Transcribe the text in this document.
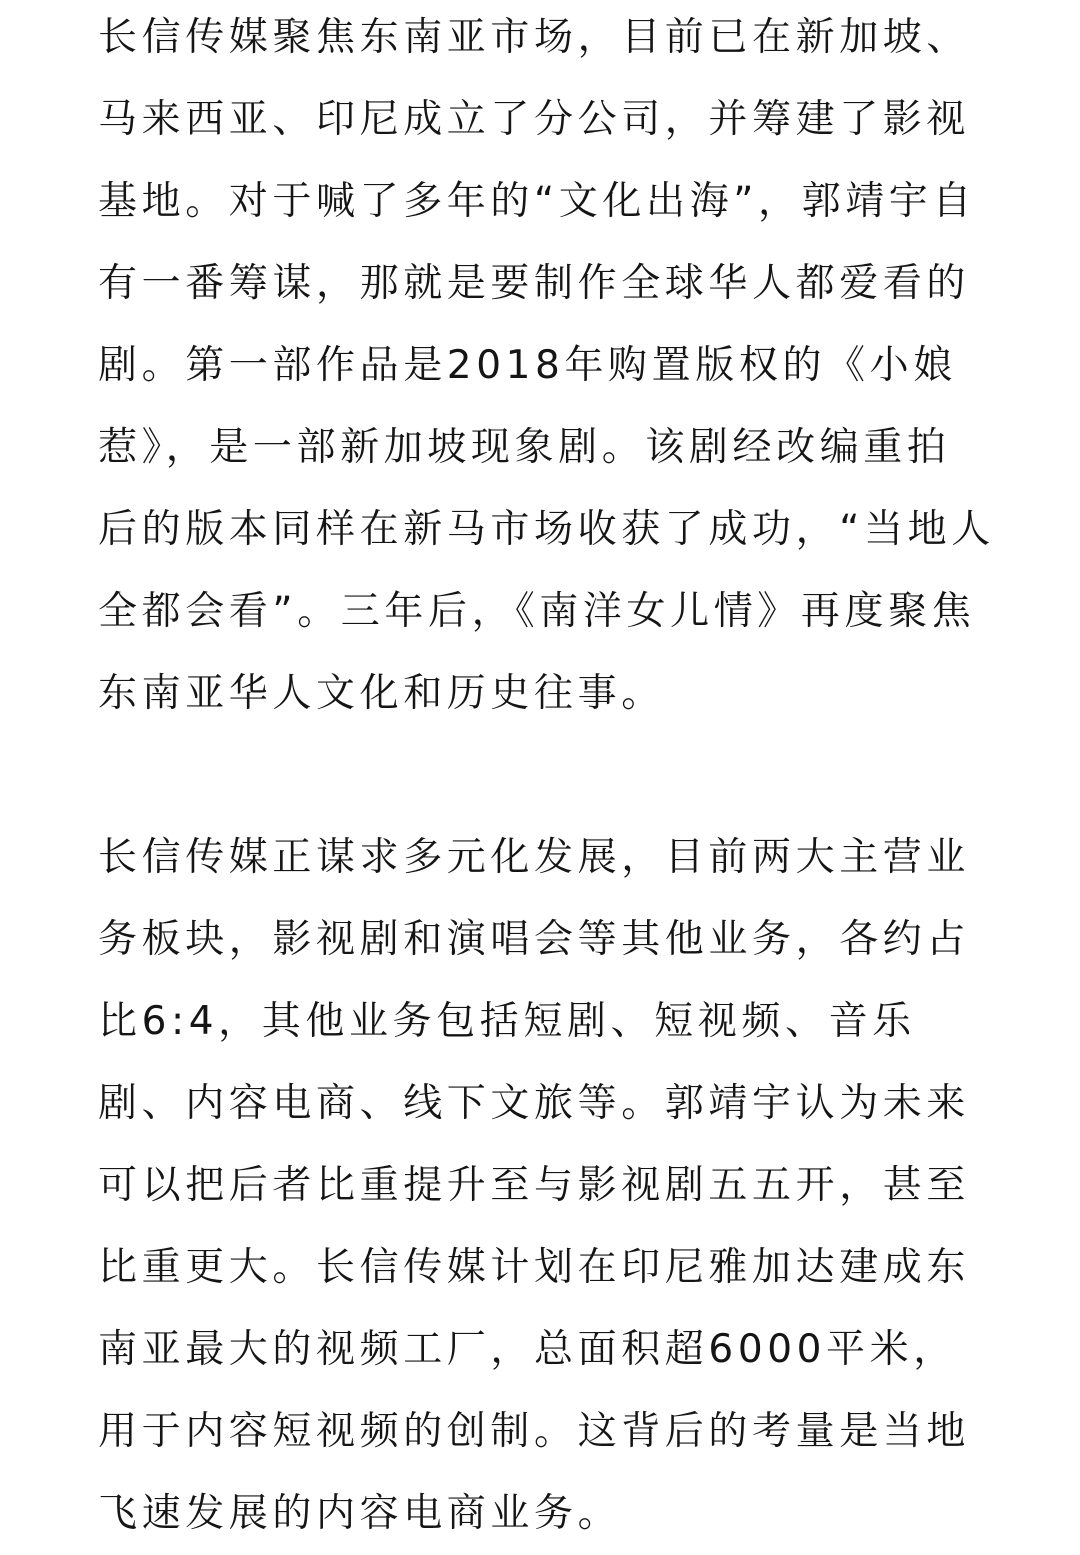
长信传媒聚焦东南亚市场，目前已在新加坡、
马来西亚、印尼成立了分公司，并筹建了影视
基地。对于喊了多年的“文化出海”，郭靖宇自
有一番筹谋，那就是要制作全球华人都爱看的
剧。第一部作品是2018年购置版权的《小娘
惹》，是一部新加坡现象剧。该剧经改编重拍
后的版本同样在新马市场收获了成功，“当地人
全都会看”。三年后，《南洋女儿情》再度聚焦
东南亚华人文化和历史往事。
长信传媒正谋求多元化发展，目前两大主营业
务板块，影视剧和演唱会等其他业务，各约占
比6:4，其他业务包括短剧、短视频、音乐
剧、内容电商、线下文旅等。郭靖宇认为未来
可以把后者比重提升至与影视剧五五开，甚至
比重更大。长信传媒计划在印尼雅加达建成东
南亚最大的视频工厂，总面积超6000平米，
用于内容短视频的创制。这背后的考量是当地
飞速发展的内容电商业务。
